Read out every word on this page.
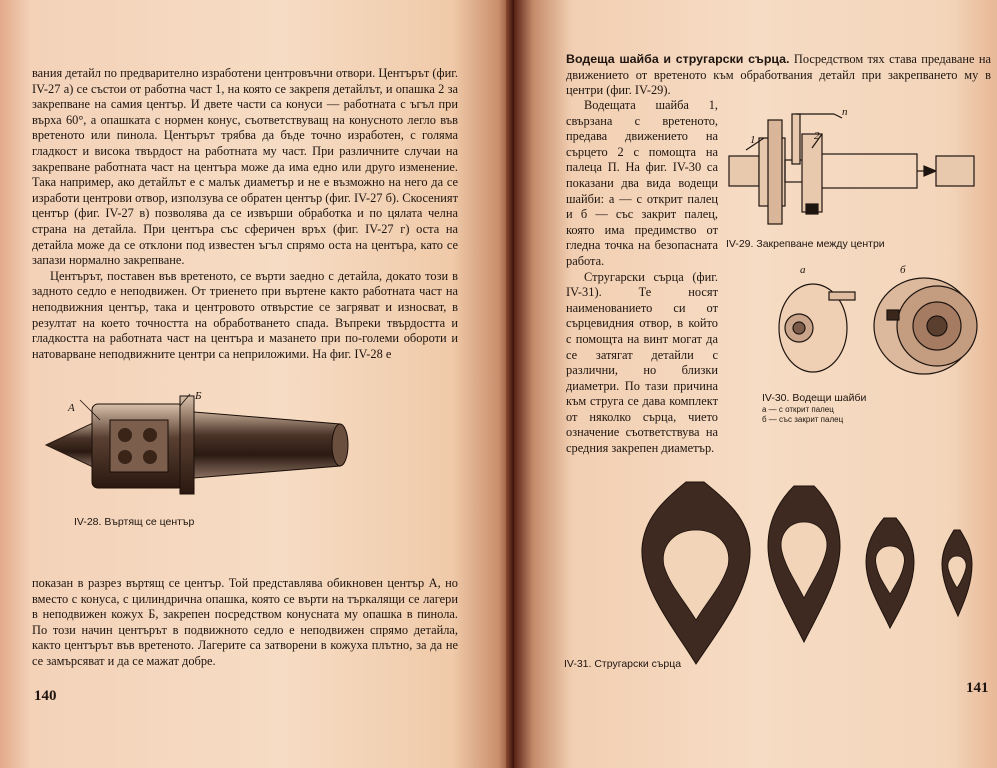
вания детайл по предварително изработени центровъчни отвори. Центърът (фиг. IV-27 а) се състои от работна част 1, на която се закрепя детайлът, и опашка 2 за закрепване на самия център. И двете части са конуси — работната с ъгъл при върха 60°, а опашката с нормен конус, съответствуващ на конусното легло във вретеното или пинола. Центърът трябва да бъде точно изработен, с голяма гладкост и висока твърдост на работната му част. При различните случаи на закрепване работната част на центъра може да има едно или друго изменение. Така например, ако детайлът е с малък диаметър и не е възможно на него да се изработи центрови отвор, използува се обратен център (фиг. IV-27 б). Скосеният център (фиг. IV-27 в) позволява да се извърши обработка и по цялата челна страна на детайла. При центъра със сферичен връх (фиг. IV-27 г) оста на детайла може да се отклони под известен ъгъл спрямо оста на центъра, като се запази нормално закрепване.

Центърът, поставен във вретеното, се върти заедно с детайла, докато този в задното седло е неподвижен. От триенето при въртене както работната част на неподвижния център, така и центровото отвърстие се загряват и износват, в резултат на което точността на обработването спада. Въпреки твърдостта и гладкостта на работната част на центъра и мазането при по-големи обороти и натоварване неподвижните центри са неприложими. На фиг. IV-28 е

А
Б
IV-28. Въртящ се център

показан в разрез въртящ се център. Той представлява обикновен център А, но вместо с конуса, с цилиндрична опашка, която се върти на търкалящи се лагери в неподвижен кожух Б, закрепен посредством конусната му опашка в пинола. По този начин центърът в подвижното седло е неподвижен спрямо детайла, както центърът във вретеното. Лагерите са затворени в кожуха плътно, за да не се замърсяват и да се мажат добре.

140

Водеща шайба и стругарски сърца. Посредством тях става предаване на движението от вретеното към обработвания детайл при закрепването му в центри (фиг. IV-29).

Водещата шайба 1, свързана с вретеното, предава движението на сърцето 2 с помощта на палеца П. На фиг. IV-30 са показани два вида водещи шайби: а — с открит палец и б — със закрит палец, която има предимство от гледна точка на безопасната работа.

Стругарски сърца (фиг. IV-31). Те носят наименованието си от сърцевидния отвор, в който с помощта на винт могат да се затягат детайли с различни, но близки диаметри. По тази причина към струга се дава комплект от няколко сърца, чието означение съответствува на средния закрепен диаметър.

1	2
п
IV-29. Закрепване между центри
а	б
IV-30. Водещи шайби
а — с открит палец
б — със закрит палец
IV-31. Стругарски сърца
141
